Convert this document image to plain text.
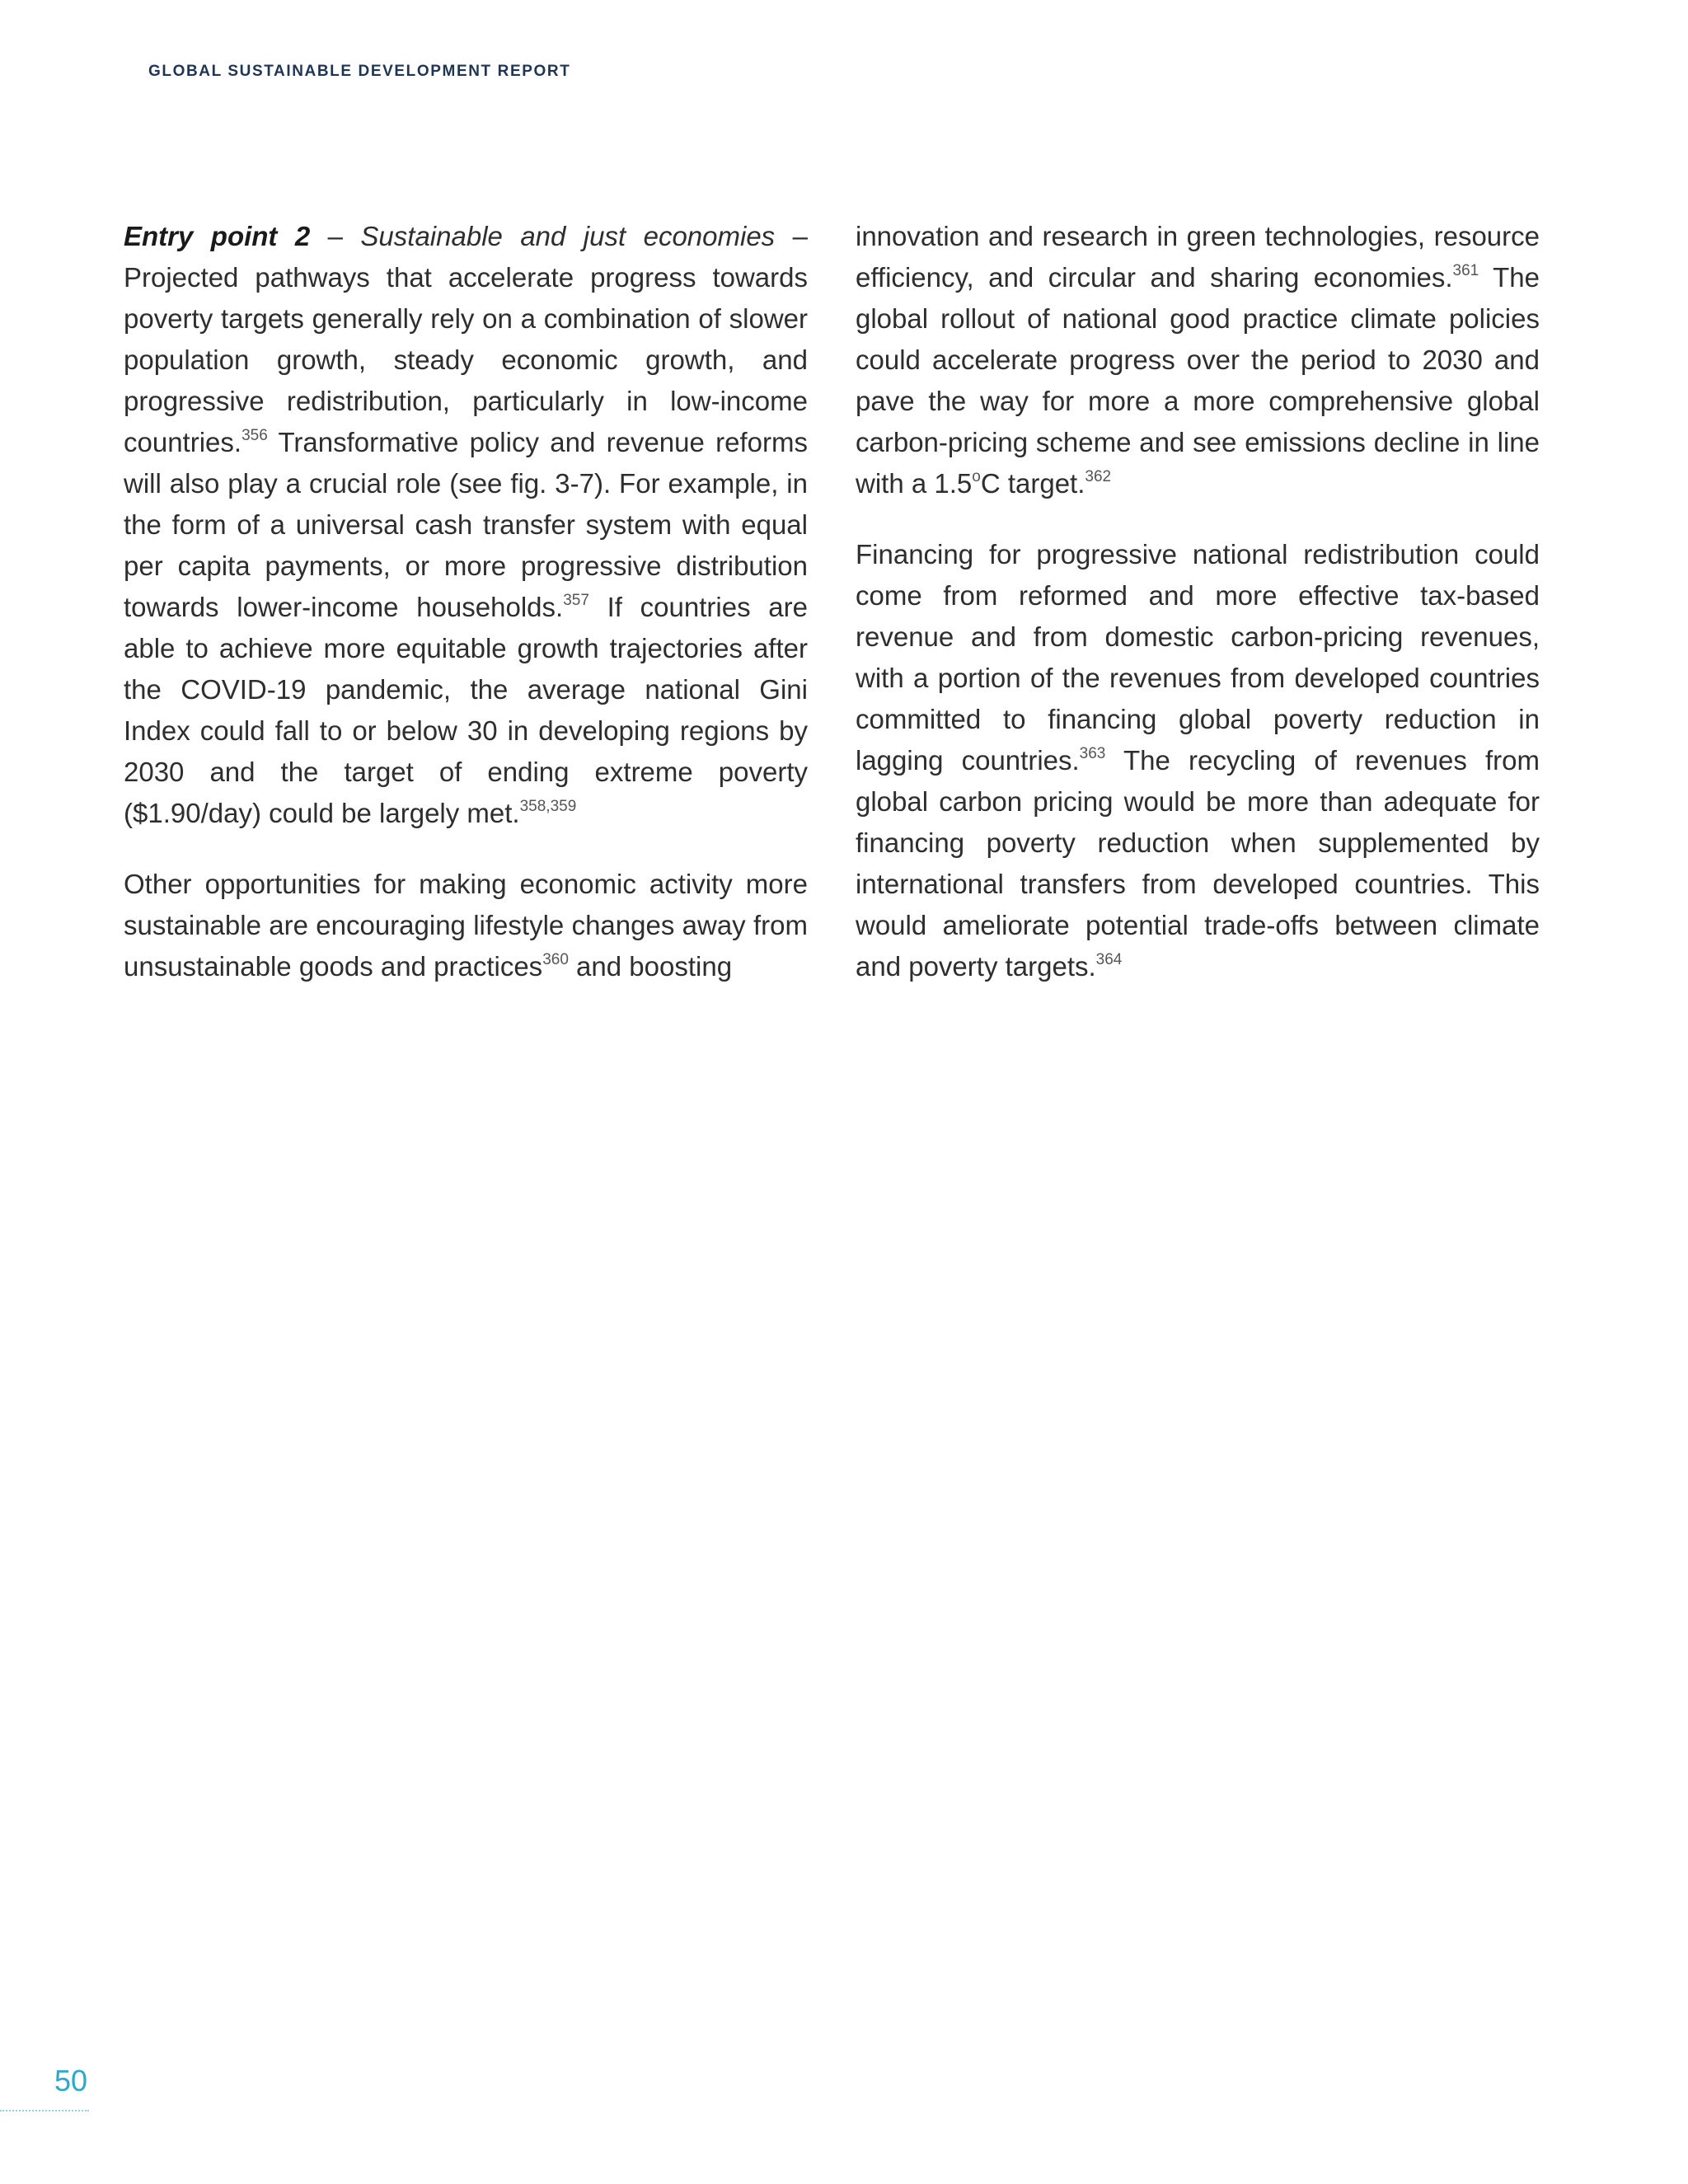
GLOBAL SUSTAINABLE DEVELOPMENT REPORT

Entry point 2 – Sustainable and just economies – Projected pathways that accelerate progress towards poverty targets generally rely on a combination of slower population growth, steady economic growth, and progressive redistribution, particularly in low-income countries.$^{356}$ Transformative policy and revenue reforms will also play a crucial role (see fig. 3-7). For example, in the form of a universal cash transfer system with equal per capita payments, or more progressive distribution towards lower-income households.$^{357}$ If countries are able to achieve more equitable growth trajectories after the COVID-19 pandemic, the average national Gini Index could fall to or below 30 in developing regions by 2030 and the target of ending extreme poverty ($1.90/day) could be largely met.$^{358,359}$

Other opportunities for making economic activity more sustainable are encouraging lifestyle changes away from unsustainable goods and practices$^{360}$ and boosting

innovation and research in green technologies, resource efficiency, and circular and sharing economies.$^{361}$ The global rollout of national good practice climate policies could accelerate progress over the period to 2030 and pave the way for more a more comprehensive global carbon-pricing scheme and see emissions decline in line with a 1.5$^o$C target.$^{362}$

Financing for progressive national redistribution could come from reformed and more effective tax-based revenue and from domestic carbon-pricing revenues, with a portion of the revenues from developed countries committed to financing global poverty reduction in lagging countries.$^{363}$ The recycling of revenues from global carbon pricing would be more than adequate for financing poverty reduction when supplemented by international transfers from developed countries. This would ameliorate potential trade-offs between climate and poverty targets.$^{364}$

50
